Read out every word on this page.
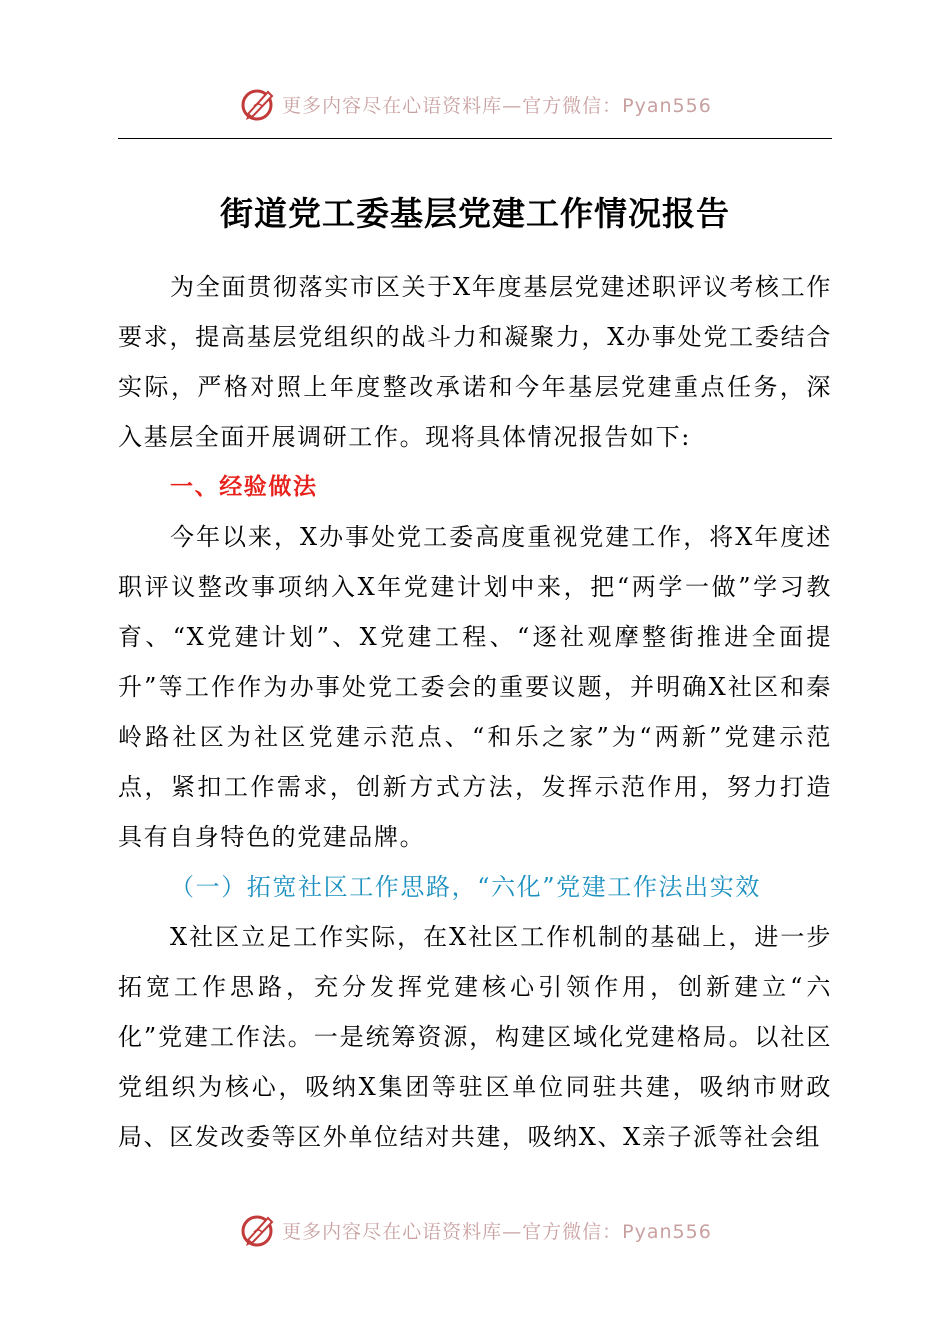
更多内容尽在心语资料库—官方微信：Pyan556
街道党工委基层党建工作情况报告

为全面贯彻落实市区关于X年度基层党建述职评议考核工作要求，提高基层党组织的战斗力和凝聚力，X办事处党工委结合实际，严格对照上年度整改承诺和今年基层党建重点任务，深入基层全面开展调研工作。现将具体情况报告如下:

一、经验做法

今年以来，X办事处党工委高度重视党建工作，将X年度述职评议整改事项纳入X年党建计划中来，把“两学一做”学习教育、“X党建计划”、X党建工程、“逐社观摩整街推进全面提升”等工作作为办事处党工委会的重要议题，并明确X社区和秦岭路社区为社区党建示范点、“和乐之家”为“两新”党建示范点，紧扣工作需求，创新方式方法，发挥示范作用，努力打造具有自身特色的党建品牌。

（一）拓宽社区工作思路，“六化”党建工作法出实效

X社区立足工作实际，在X社区工作机制的基础上，进一步拓宽工作思路，充分发挥党建核心引领作用，创新建立“六化”党建工作法。一是统筹资源，构建区域化党建格局。以社区党组织为核心，吸纳X集团等驻区单位同驻共建，吸纳市财政局、区发改委等区外单位结对共建，吸纳X、X亲子派等社会组

更多内容尽在心语资料库—官方微信：Pyan556
